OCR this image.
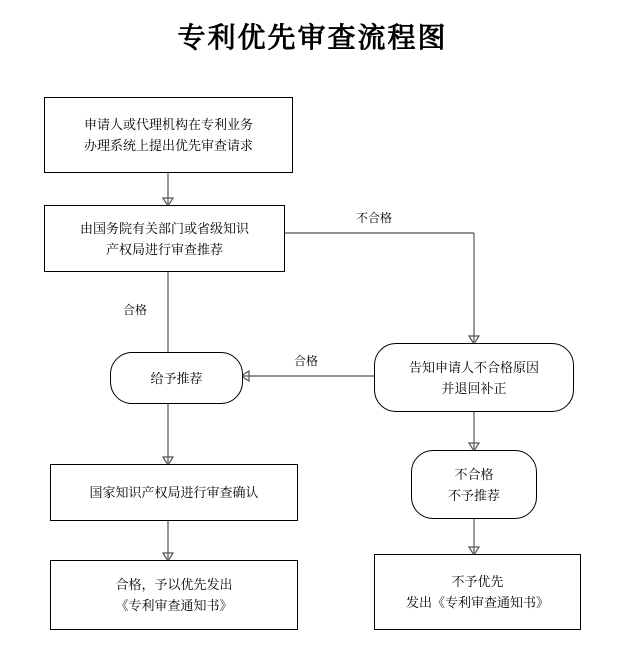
专利优先审查流程图
申请人或代理机构在专利业务
办理系统上提出优先审查请求
由国务院有关部门或省级知识
产权局进行审查推荐
给予推荐
告知申请人不合格原因
并退回补正
国家知识产权局进行审查确认
不合格
不予推荐
合格，予以优先发出
《专利审查通知书》
不予优先
发出《专利审查通知书》
不合格
合格
合格
